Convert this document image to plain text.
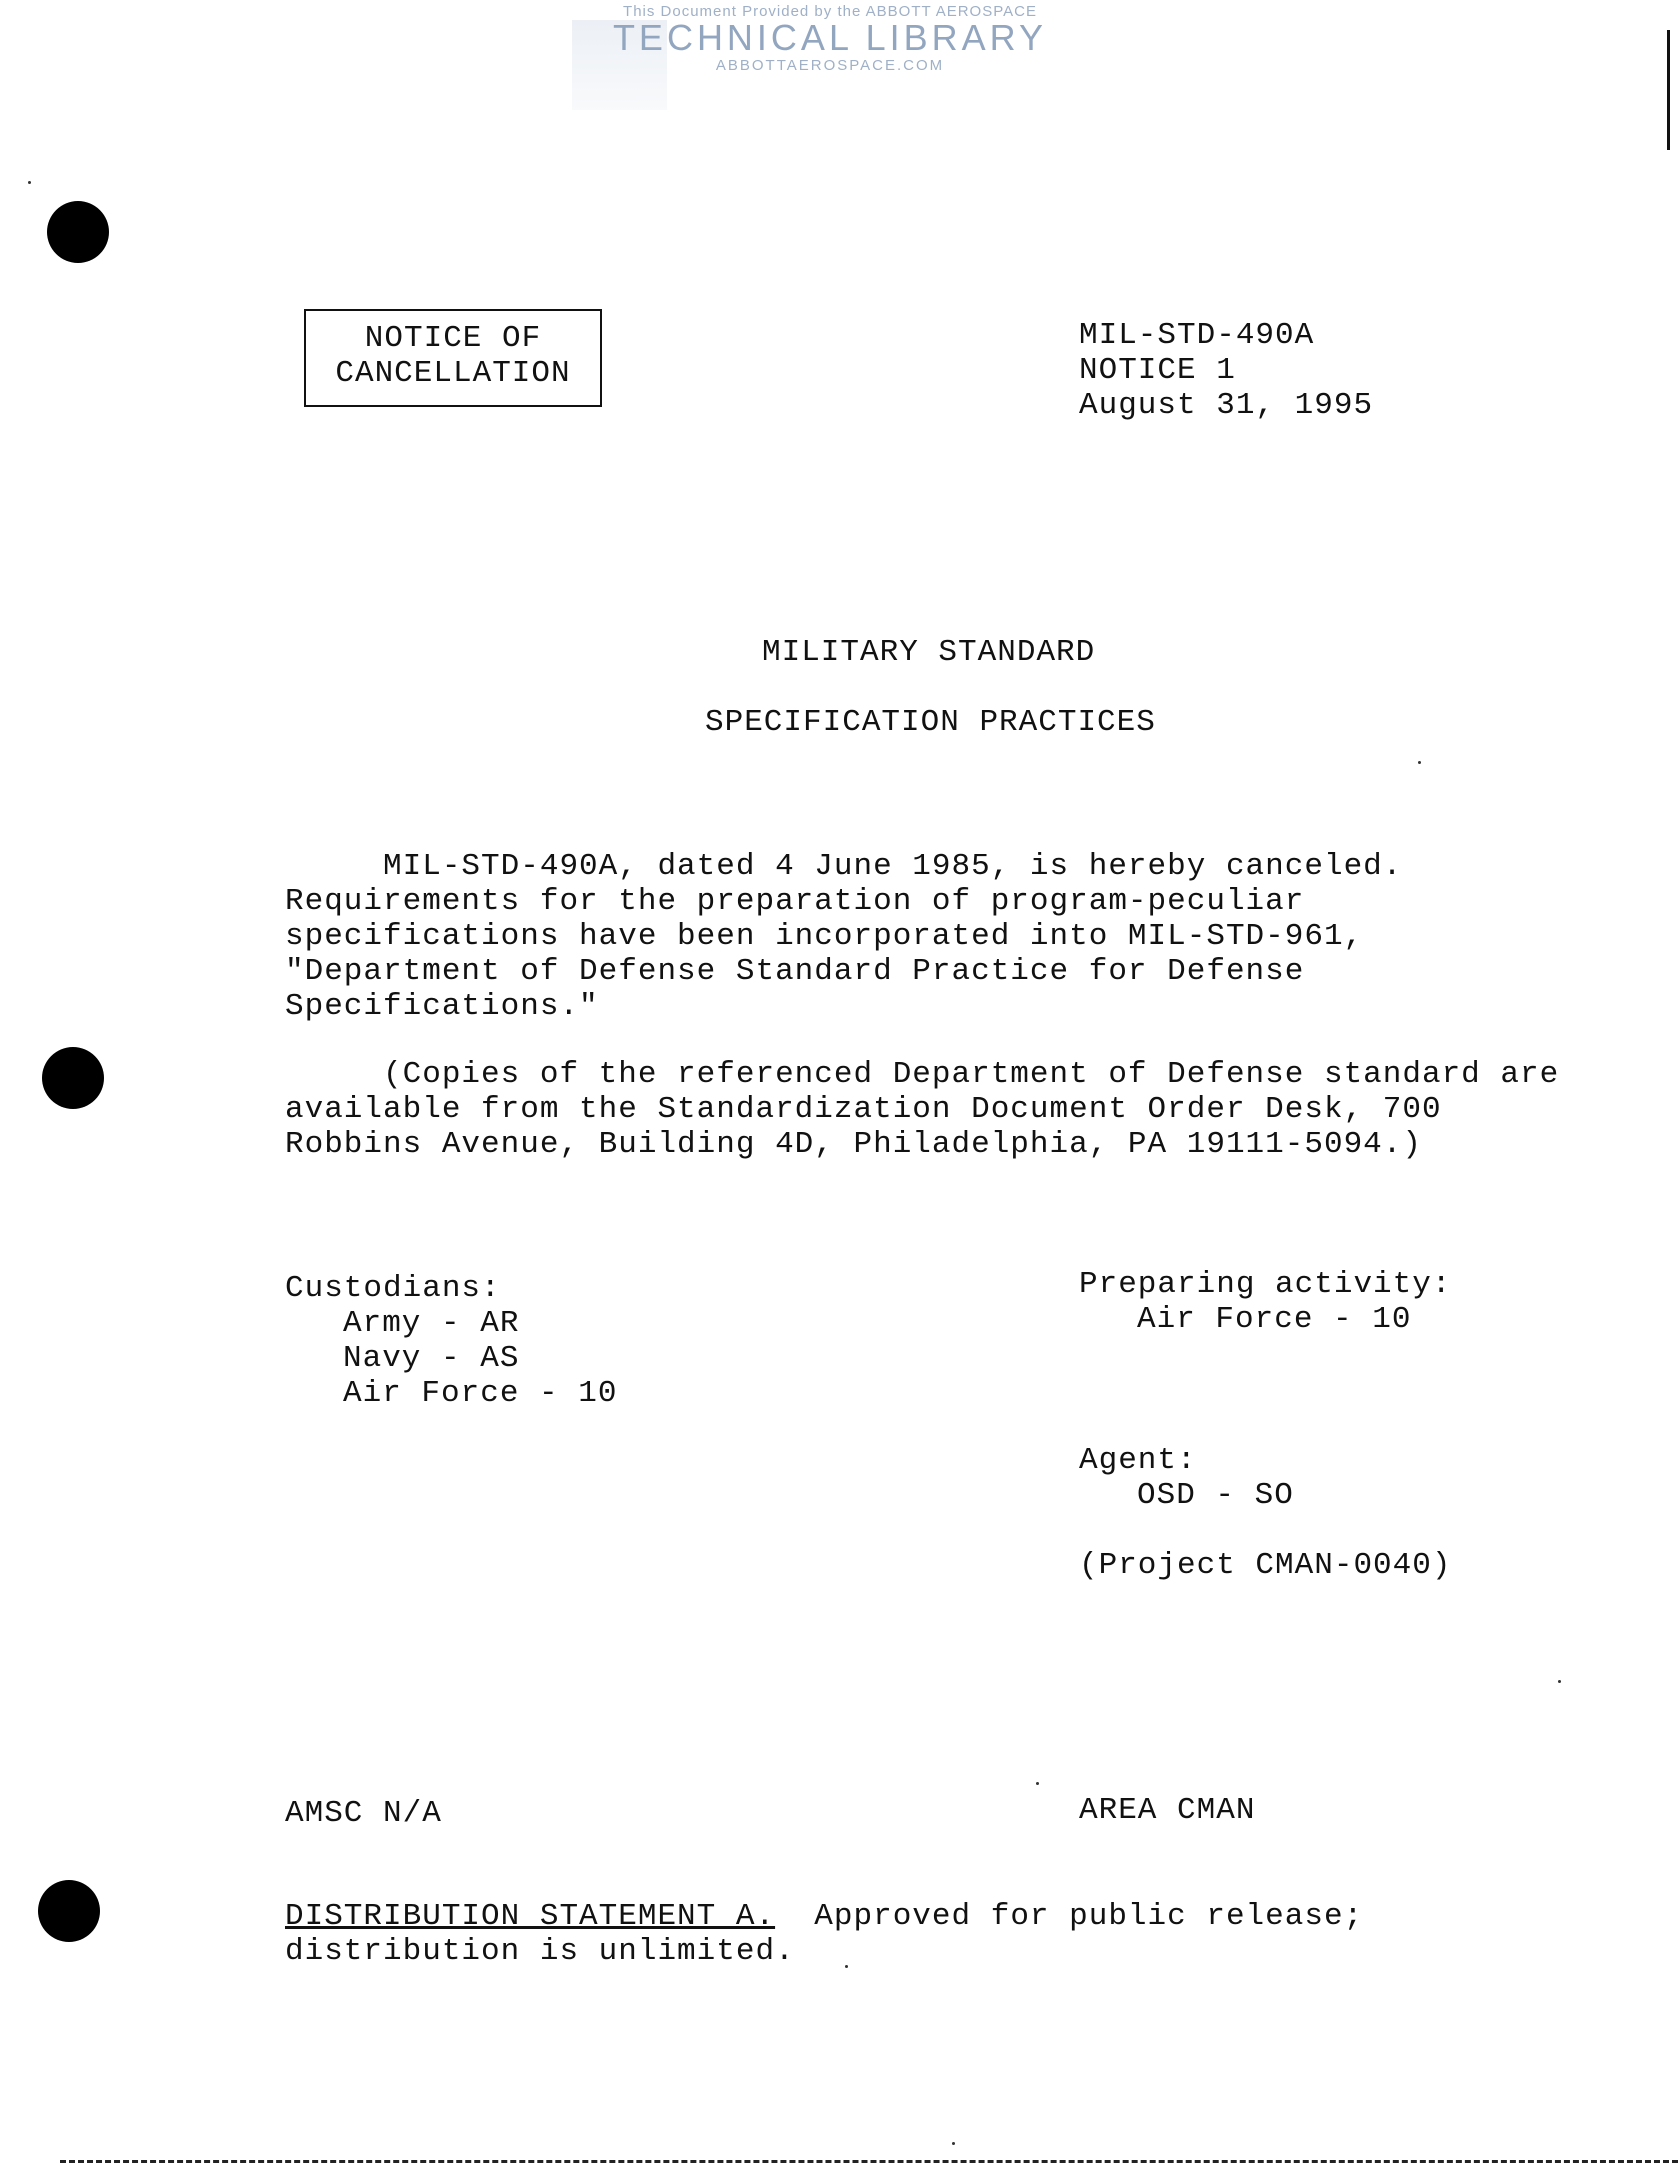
This Document Provided by the ABBOTT AEROSPACE
TECHNICAL LIBRARY
ABBOTTAEROSPACE.COM
NOTICE OF
CANCELLATION
MIL-STD-490A
NOTICE 1
August 31, 1995
MILITARY STANDARD
SPECIFICATION PRACTICES
MIL-STD-490A, dated 4 June 1985, is hereby canceled.
Requirements for the preparation of program-peculiar
specifications have been incorporated into MIL-STD-961,
"Department of Defense Standard Practice for Defense
Specifications."
(Copies of the referenced Department of Defense standard are
available from the Standardization Document Order Desk, 700
Robbins Avenue, Building 4D, Philadelphia, PA 19111-5094.)
Custodians:
Army - AR
Navy - AS
Air Force - 10
Preparing activity:
Air Force - 10
Agent:
OSD - SO
(Project CMAN-0040)
AMSC N/A	AREA CMAN
DISTRIBUTION STATEMENT A.  Approved for public release;
distribution is unlimited.
